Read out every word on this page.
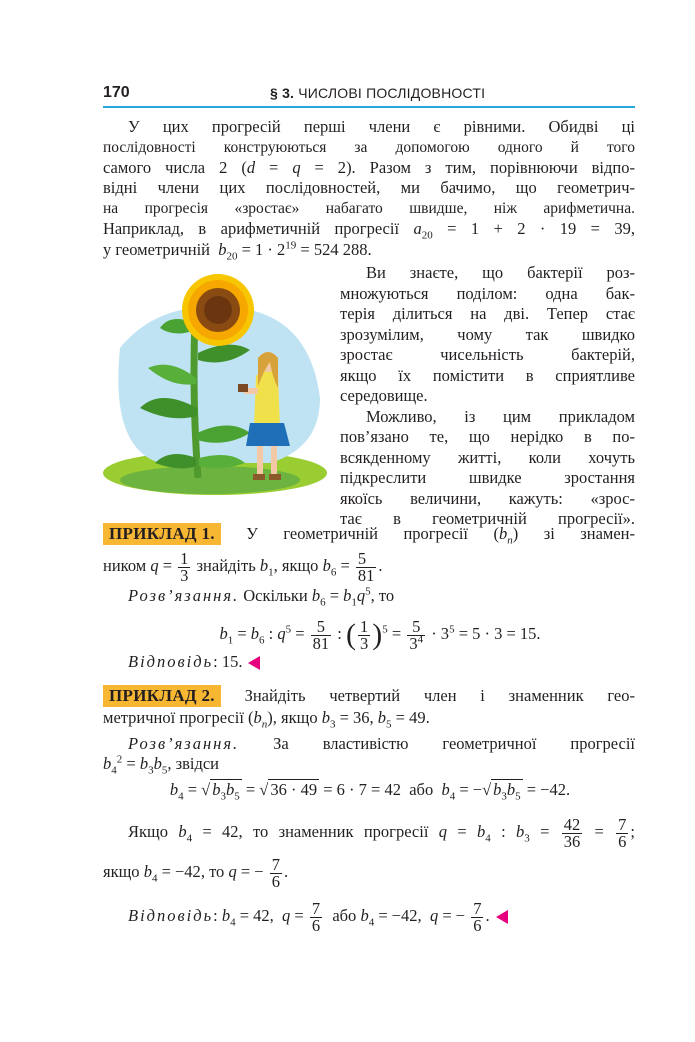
170	§ 3. ЧИСЛОВІ ПОСЛІДОВНОСТІ
У цих прогресій перші члени є рівними. Обидві ці
послідовності конструюються за допомогою одного й того
самого числа 2 (d = q = 2). Разом з тим, порівнюючи відпо-
відні члени цих послідовностей, ми бачимо, що геометрич-
на прогресія «зростає» набагато швидше, ніж арифметична.
Наприклад, в арифметичній прогресії $a_{20} = 1 + 2 \cdot 19 = 39$,
у геометричній $b_{20} = 1 \cdot 2^{19} = 524$ 288.
Ви знаєте, що бактерії роз-
множуються поділом: одна бак-
терія ділиться на дві. Тепер стає
зрозумілим, чому так швидко
зростає чисельність бактерій,
якщо їх помістити в сприятливе
середовище.
Можливо, із цим прикладом
пов’язано те, що нерідко в по-
всякденному житті, коли хочуть
підкреслити швидке зростання
якоїсь величини, кажуть: «зрос-
тає в геометричній прогресії».
ПРИКЛАД 1. У геометричній прогресії $(b_n)$ зі знамен-
ником $q = \frac{1}{3}$ знайдіть $b_1$, якщо $b_6 = \frac{5}{81}$ .
Розв’язання. Оскільки $b_6 = b_1q^5$, то
$b_1 = b_6$ : $q^5 = \frac{5}{81}$ : ( $\frac{1}{3} )^5 = \frac{5}{3^4} \cdot 3^5 = 5 \cdot 3 = 15$.
Відповідь: 15.
ПРИКЛАД 2. Знайдіть четвертий член і знаменник гео-
метричної прогресії $(b_n)$, якщо $b_3 = 36$, $b_5 = 49$.
Розв’язання. За властивістю геометричної прогресії
$b_4^2 = b_3b_5$, звідси
$b_4$ = √ $b_3b_5$ = √ 36 · 49 = 6 · 7 = 42  або $b_4$ = −√ $b_3b_5 = -42$.
Якщо $b_4 = 42$, то знаменник прогресії $q = b_4$ : $b_3 = \frac{42}{36} = \frac{7}{6}$ ;
якщо $b_4 = -42$, то q = − $\frac{7}{6}$ .
Відповідь: $b_4 = 42$,  $q = \frac{7}{6}$ або $b_4 = -42$,  q = − $\frac{7}{6}$ .
